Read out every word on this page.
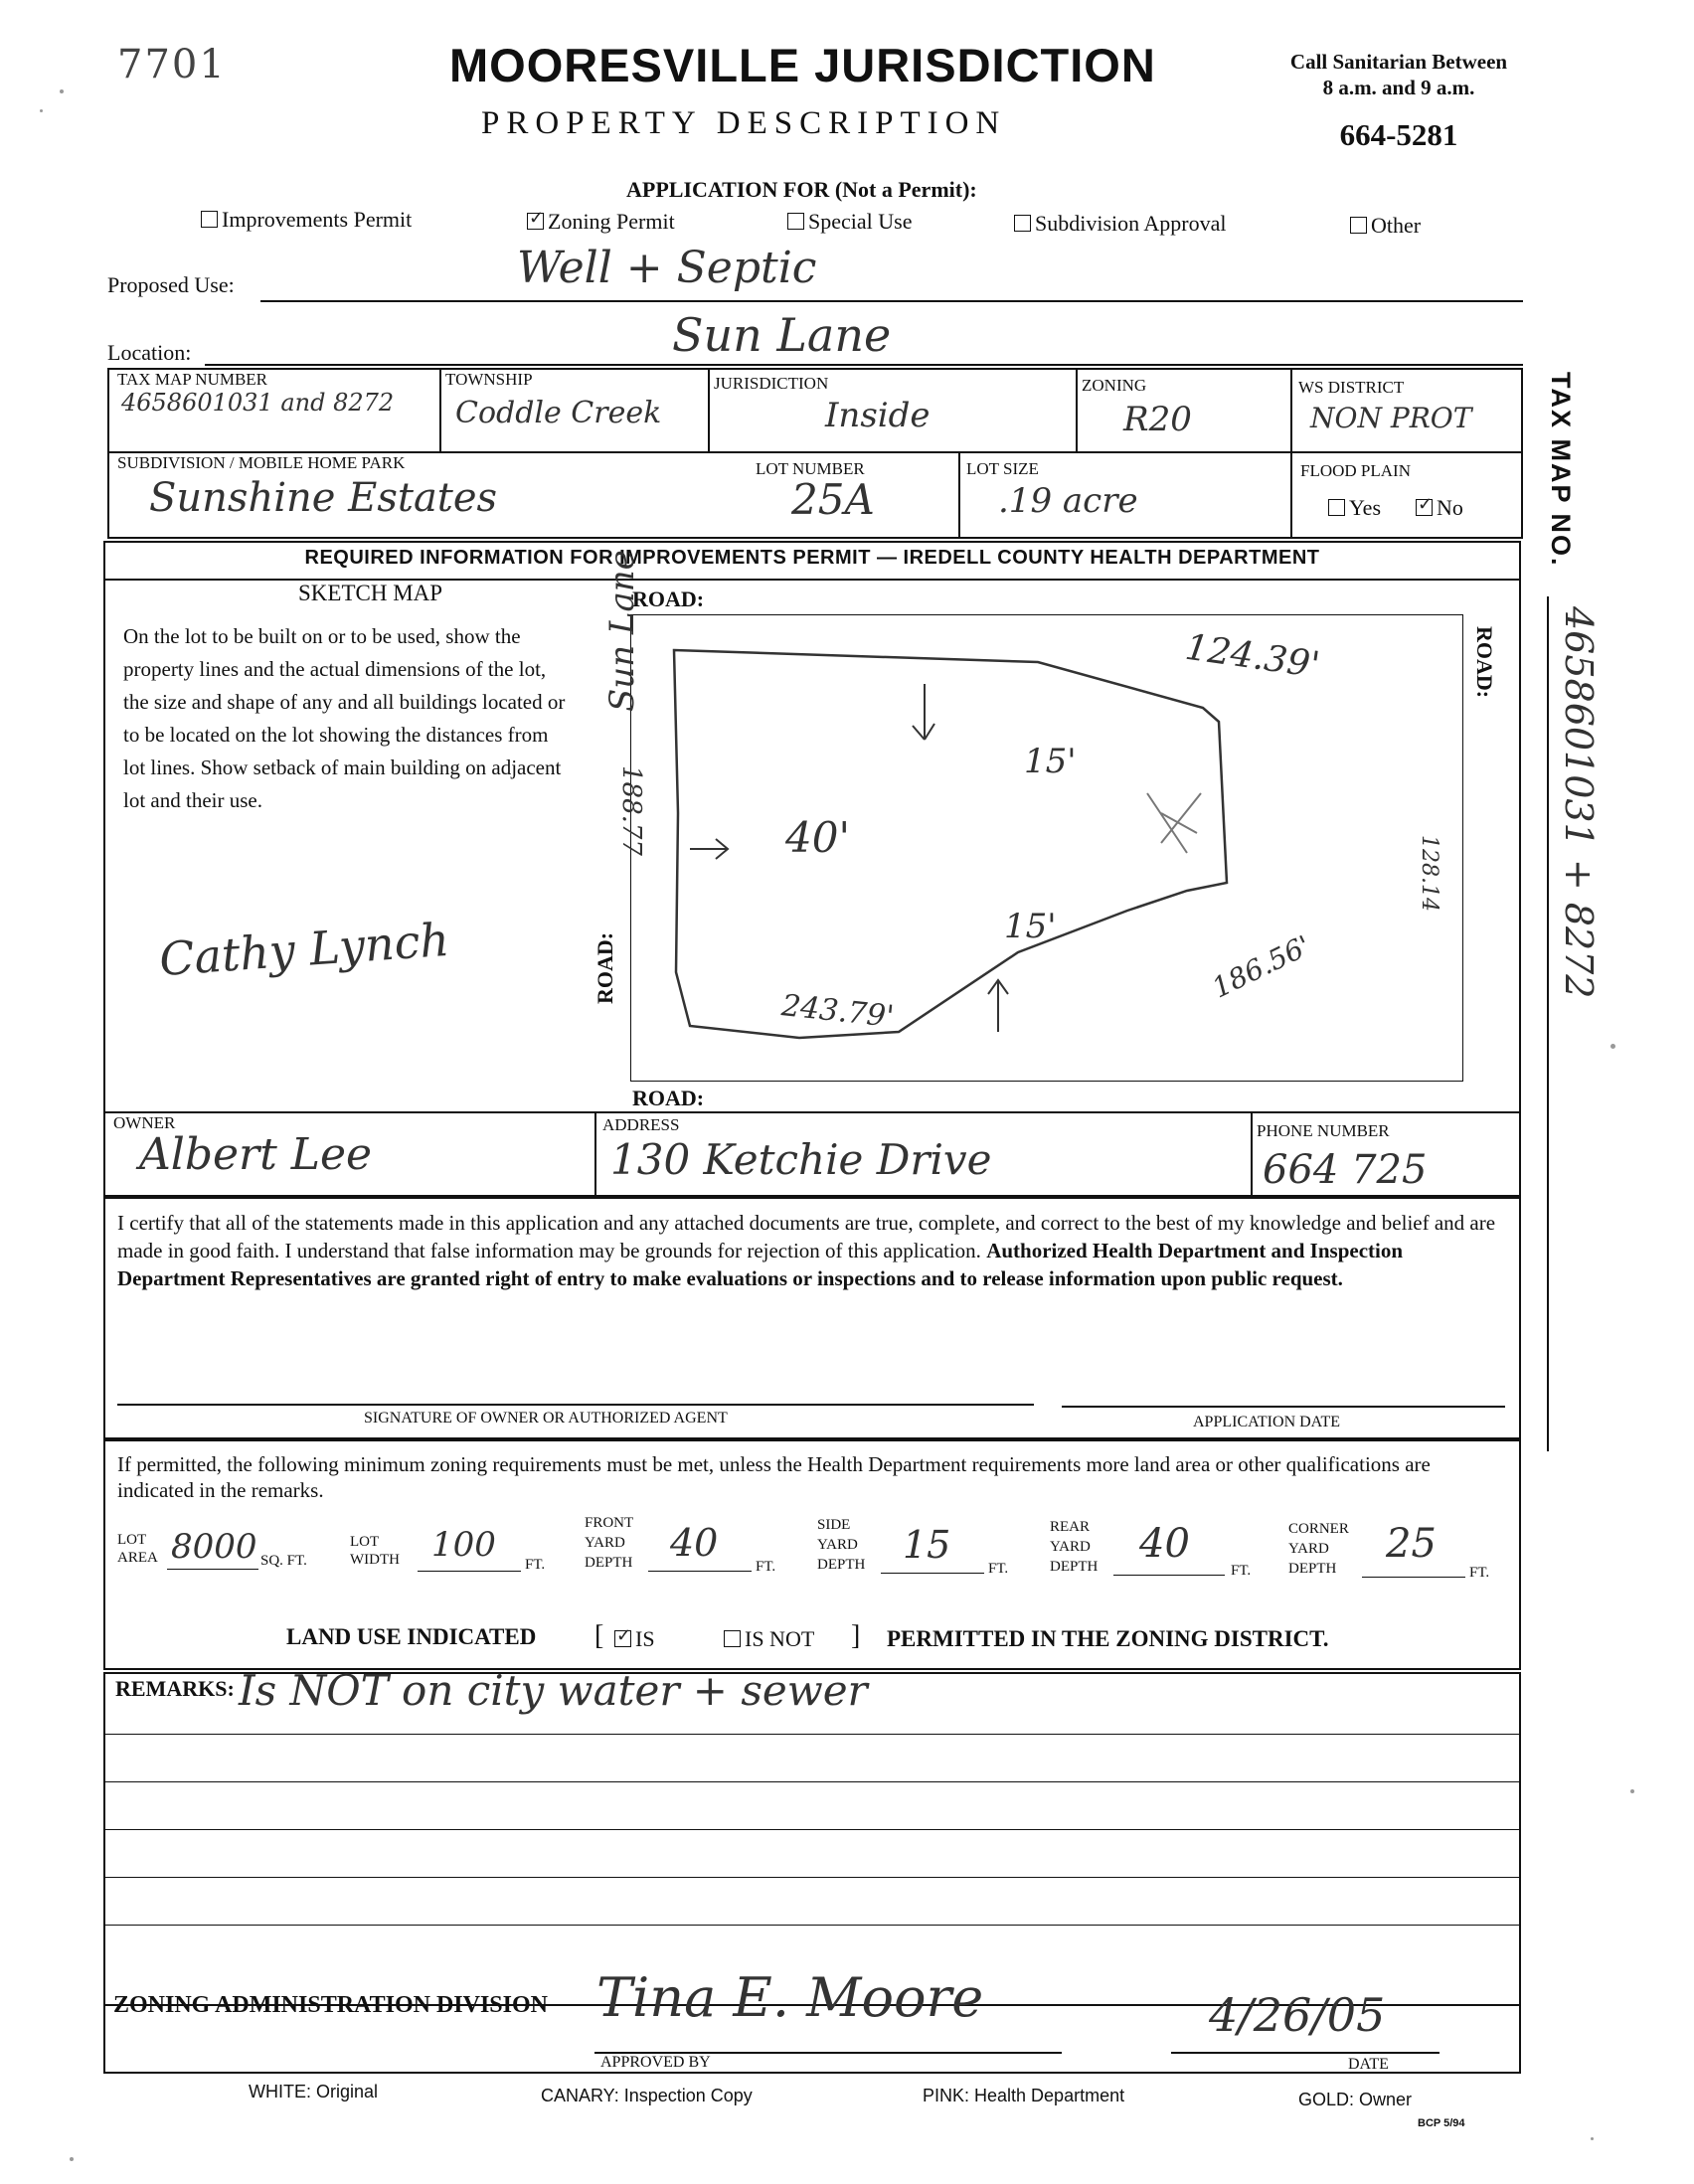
7701	MOORESVILLE JURISDICTION
PROPERTY DESCRIPTION
Call Sanitarian Between
8 a.m. and 9 a.m.
664-5281
APPLICATION FOR (Not a Permit):
Improvements Permit ✓	Zoning Permit	Special Use	Subdivision Approval	Other
Proposed Use:	Well + Septic
Location:	Sun Lane
TAX MAP NUMBER
4658601031 and 8272
TOWNSHIP
Coddle Creek
JURISDICTION
Inside
ZONING
R20
WS DISTRICT
NON PROT
SUBDIVISION / MOBILE HOME PARK
Sunshine Estates
LOT NUMBER
25A
LOT SIZE
.19 acre
FLOOD PLAIN
Yes ✓	No	TAX MAP NO.
4658601031 + 8272
REQUIRED INFORMATION FOR IMPROVEMENTS PERMIT — IREDELL COUNTY HEALTH DEPARTMENT
SKETCH MAP
On the lot to be built on or to be used, show the property lines and the actual dimensions of the lot, the size and shape of any and all buildings located or to be located on the lot showing the distances from lot lines. Show setback of main building on adjacent lot and their use.
ROAD:
ROAD:
ROAD:
ROAD:
124.39'
188.77
128.14
243.79'
186.56'
40'
15'
15'
Sun Lane
Cathy Lynch
OWNER
Albert Lee
ADDRESS
130 Ketchie Drive
PHONE NUMBER
664 725
I certify that all of the statements made in this application and any attached documents are true, complete, and correct to the best of my knowledge and belief and are made in good faith. I understand that false information may be grounds for rejection of this application. Authorized Health Department and Inspection Department Representatives are granted right of entry to make evaluations or inspections and to release information upon public request.
SIGNATURE OF OWNER OR AUTHORIZED AGENT	APPLICATION DATE
If permitted, the following minimum zoning requirements must be met, unless the Health Department requirements more land area or other qualifications are indicated in the remarks.
LOT
AREA 8000 SQ. FT.
LOT
WIDTH 100 FT.
FRONT
YARD
DEPTH 40
FT.
SIDE
YARD
DEPTH 15
FT.
REAR
YARD
DEPTH 40
FT.
CORNER
YARD
DEPTH
25
FT.
LAND USE INDICATED [ ✓	IS	IS NOT ] PERMITTED IN THE ZONING DISTRICT.
REMARKS: Is NOT on city water + sewer
ZONING ADMINISTRATION DIVISION Tina E. Moore
APPROVED BY
4/26/05
DATE
WHITE: Original	CANARY: Inspection Copy	PINK: Health Department	GOLD: Owner
BCP 5/94
